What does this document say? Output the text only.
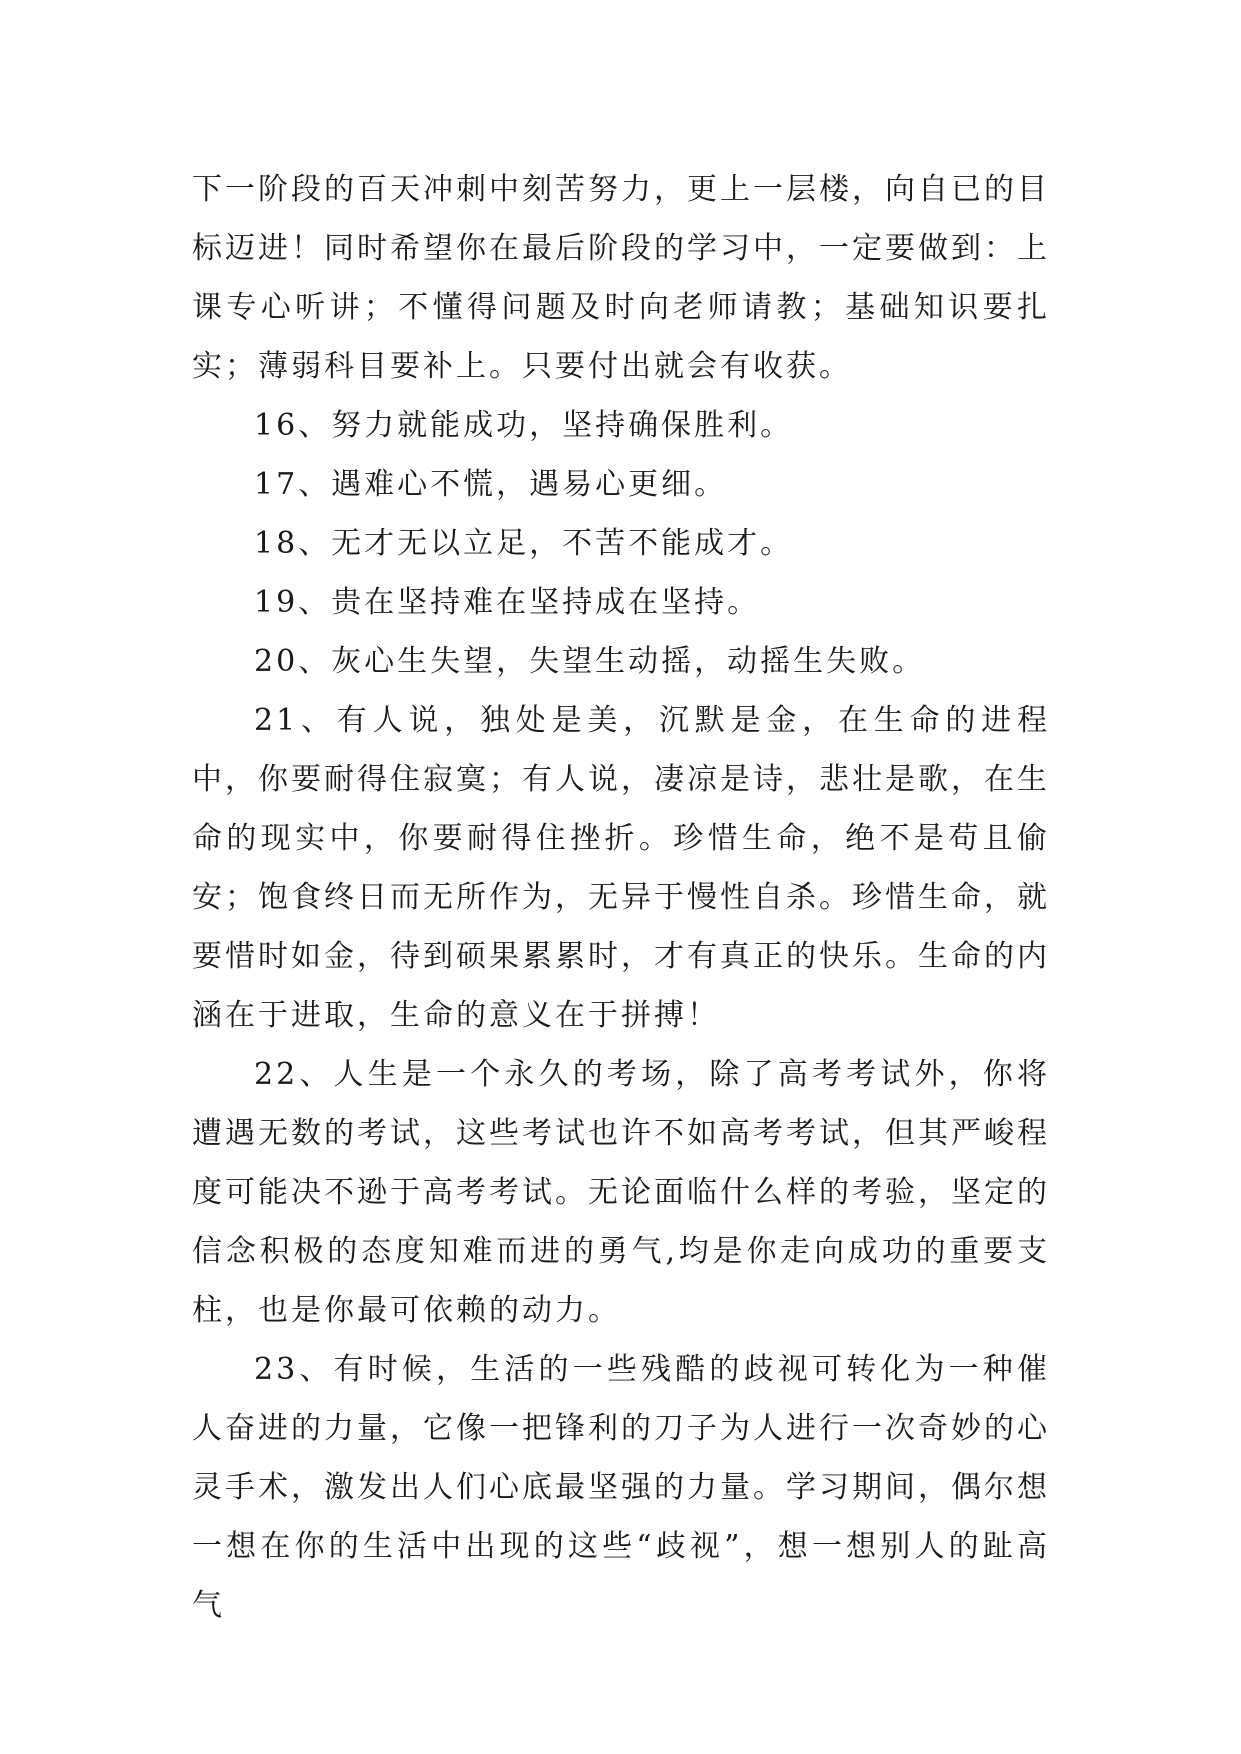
下一阶段的百天冲刺中刻苦努力，更上一层楼，向自已的目标迈进！同时希望你在最后阶段的学习中，一定要做到：上课专心听讲；不懂得问题及时向老师请教；基础知识要扎实；薄弱科目要补上。只要付出就会有收获。

16、努力就能成功，坚持确保胜利。

17、遇难心不慌，遇易心更细。

18、无才无以立足，不苦不能成才。

19、贵在坚持难在坚持成在坚持。

20、灰心生失望，失望生动摇，动摇生失败。

21、有人说，独处是美，沉默是金，在生命的进程中，你要耐得住寂寞；有人说，凄凉是诗，悲壮是歌，在生命的现实中，你要耐得住挫折。珍惜生命，绝不是苟且偷安；饱食终日而无所作为，无异于慢性自杀。珍惜生命，就要惜时如金，待到硕果累累时，才有真正的快乐。生命的内涵在于进取，生命的意义在于拼搏！

22、人生是一个永久的考场，除了高考考试外，你将遭遇无数的考试，这些考试也许不如高考考试，但其严峻程度可能决不逊于高考考试。无论面临什么样的考验，坚定的信念积极的态度知难而进的勇气,均是你走向成功的重要支柱，也是你最可依赖的动力。

23、有时候，生活的一些残酷的歧视可转化为一种催人奋进的力量，它像一把锋利的刀子为人进行一次奇妙的心灵手术，激发出人们心底最坚强的力量。学习期间，偶尔想一想在你的生活中出现的这些“歧视”，想一想别人的趾高气
